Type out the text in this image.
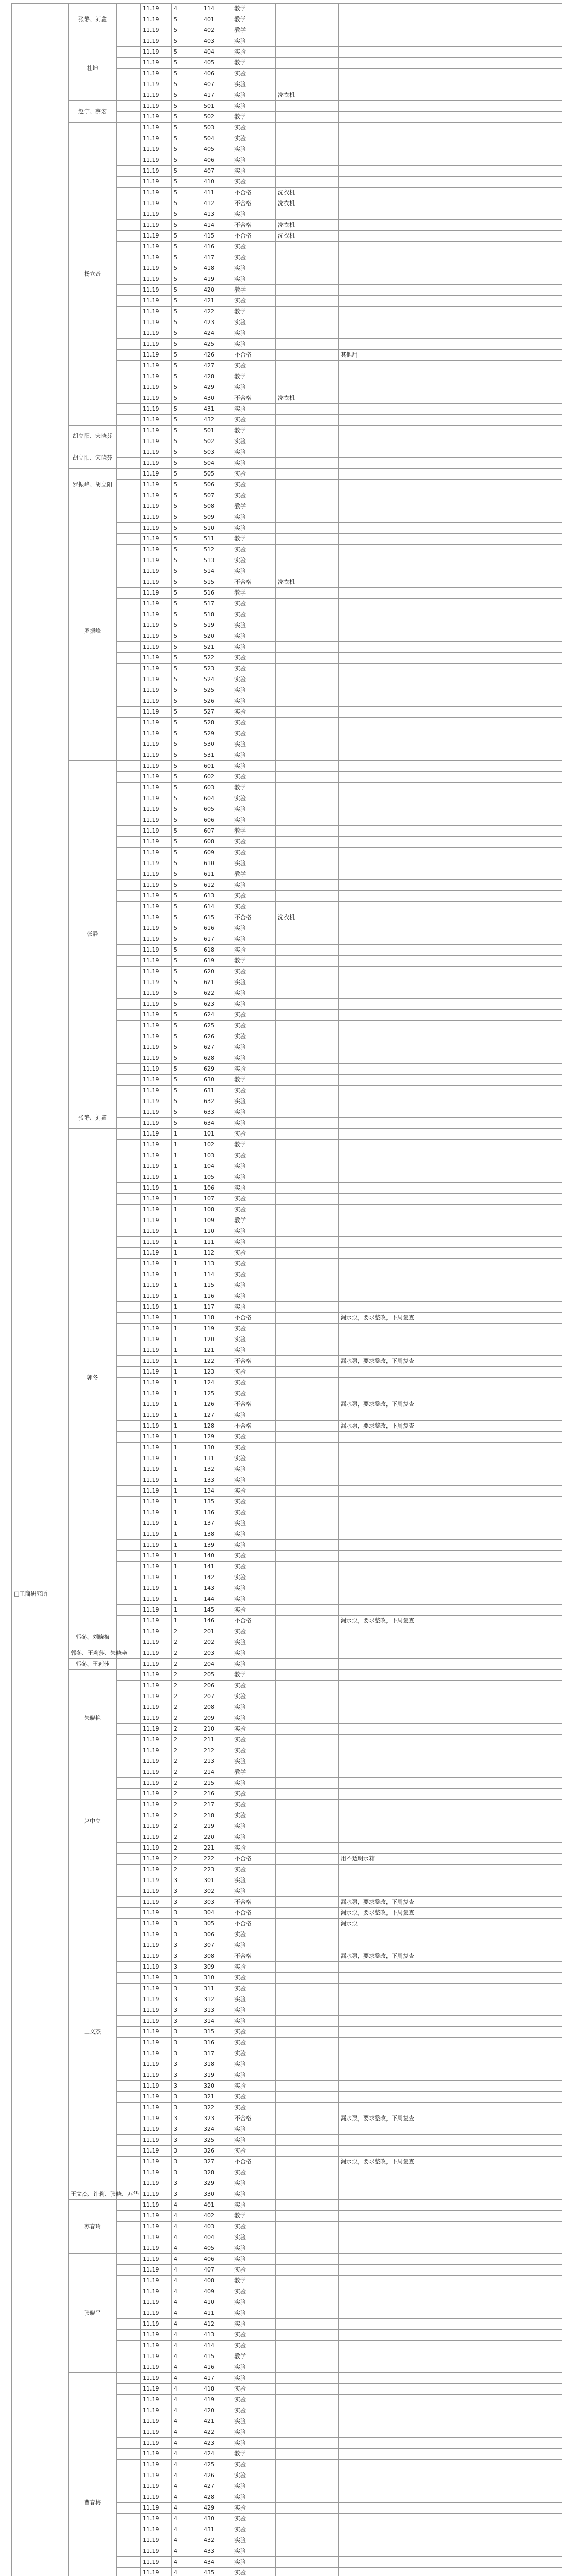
□工商研究所	张静、刘鑫		11.19	4	114	教学		
			11.19	5	401	教学		
			11.19	5	402	教学		
	杜坤		11.19	5	403	实验		
			11.19	5	404	实验		
			11.19	5	405	教学		
			11.19	5	406	实验		
			11.19	5	407	实验		
			11.19	5	417	实验	洗衣机	
	赵宁、蔡宏		11.19	5	501	实验		
			11.19	5	502	教学		
	杨立奇		11.19	5	503	实验		
			11.19	5	504	实验		
			11.19	5	405	实验		
			11.19	5	406	实验		
			11.19	5	407	实验		
			11.19	5	410	实验		
			11.19	5	411	不合格	洗衣机	
			11.19	5	412	不合格	洗衣机	
			11.19	5	413	实验		
			11.19	5	414	不合格	洗衣机	
			11.19	5	415	不合格	洗衣机	
			11.19	5	416	实验		
			11.19	5	417	实验		
			11.19	5	418	实验		
			11.19	5	419	实验		
			11.19	5	420	教学		
			11.19	5	421	实验		
			11.19	5	422	教学		
			11.19	5	423	实验		
			11.19	5	424	实验		
			11.19	5	425	实验		
			11.19	5	426	不合格		其他用
			11.19	5	427	实验		
			11.19	5	428	教学		
			11.19	5	429	实验		
			11.19	5	430	不合格	洗衣机	
			11.19	5	431	实验		
			11.19	5	432	实验		
	胡立阳、宋晓芬		11.19	5	501	教学		
			11.19	5	502	实验		
	胡立阳、宋晓芬		11.19	5	503	实验		
			11.19	5	504	实验		
	罗振峰、胡立阳		11.19	5	505	实验		
			11.19	5	506	实验		
			11.19	5	507	实验		
	罗振峰		11.19	5	508	教学		
			11.19	5	509	实验		
			11.19	5	510	实验		
			11.19	5	511	教学		
			11.19	5	512	实验		
			11.19	5	513	实验		
			11.19	5	514	实验		
			11.19	5	515	不合格	洗衣机	
			11.19	5	516	教学		
			11.19	5	517	实验		
			11.19	5	518	实验		
			11.19	5	519	实验		
			11.19	5	520	实验		
			11.19	5	521	实验		
			11.19	5	522	实验		
			11.19	5	523	实验		
			11.19	5	524	实验		
			11.19	5	525	实验		
			11.19	5	526	实验		
			11.19	5	527	实验		
			11.19	5	528	实验		
			11.19	5	529	实验		
			11.19	5	530	实验		
			11.19	5	531	实验		
	张静		11.19	5	601	实验		
			11.19	5	602	实验		
			11.19	5	603	教学		
			11.19	5	604	实验		
			11.19	5	605	实验		
			11.19	5	606	实验		
			11.19	5	607	教学		
			11.19	5	608	实验		
			11.19	5	609	实验		
			11.19	5	610	实验		
			11.19	5	611	教学		
			11.19	5	612	实验		
			11.19	5	613	实验		
			11.19	5	614	实验		
			11.19	5	615	不合格	洗衣机	
			11.19	5	616	实验		
			11.19	5	617	实验		
			11.19	5	618	实验		
			11.19	5	619	教学		
			11.19	5	620	实验		
			11.19	5	621	实验		
			11.19	5	622	实验		
			11.19	5	623	实验		
			11.19	5	624	实验		
			11.19	5	625	实验		
			11.19	5	626	实验		
			11.19	5	627	实验		
			11.19	5	628	实验		
			11.19	5	629	实验		
			11.19	5	630	教学		
			11.19	5	631	实验		
			11.19	5	632	实验		
	张静、刘鑫		11.19	5	633	实验		
			11.19	5	634	实验		
	郭冬		11.19	1	101	实验		
			11.19	1	102	教学		
			11.19	1	103	实验		
			11.19	1	104	实验		
			11.19	1	105	实验		
			11.19	1	106	实验		
			11.19	1	107	实验		
			11.19	1	108	实验		
			11.19	1	109	教学		
			11.19	1	110	实验		
			11.19	1	111	实验		
			11.19	1	112	实验		
			11.19	1	113	实验		
			11.19	1	114	实验		
			11.19	1	115	实验		
			11.19	1	116	实验		
			11.19	1	117	实验		
			11.19	1	118	不合格		漏水泵，要求整改，下周复查
			11.19	1	119	实验		
			11.19	1	120	实验		
			11.19	1	121	实验		
			11.19	1	122	不合格		漏水泵，要求整改，下周复查
			11.19	1	123	实验		
			11.19	1	124	实验		
			11.19	1	125	实验		
			11.19	1	126	不合格		漏水泵，要求整改，下周复查
			11.19	1	127	实验		
			11.19	1	128	不合格		漏水泵，要求整改，下周复查
			11.19	1	129	实验		
			11.19	1	130	实验		
			11.19	1	131	实验		
			11.19	1	132	实验		
			11.19	1	133	实验		
			11.19	1	134	实验		
			11.19	1	135	实验		
			11.19	1	136	实验		
			11.19	1	137	实验		
			11.19	1	138	实验		
			11.19	1	139	实验		
			11.19	1	140	实验		
			11.19	1	141	实验		
			11.19	1	142	实验		
			11.19	1	143	实验		
			11.19	1	144	实验		
			11.19	1	145	实验		
			11.19	1	146	不合格		漏水泵，要求整改，下周复查
	郭冬、刘晓梅		11.19	2	201	实验		
			11.19	2	202	实验		
	郭冬、王莉莎、朱晓艳		11.19	2	203	实验		
	郭冬、王莉莎		11.19	2	204	实验		
	朱晓艳		11.19	2	205	教学		
			11.19	2	206	实验		
			11.19	2	207	实验		
			11.19	2	208	实验		
			11.19	2	209	实验		
			11.19	2	210	实验		
			11.19	2	211	实验		
			11.19	2	212	实验		
			11.19	2	213	实验		
	赵中立		11.19	2	214	教学		
			11.19	2	215	实验		
			11.19	2	216	实验		
			11.19	2	217	实验		
			11.19	2	218	实验		
			11.19	2	219	实验		
			11.19	2	220	实验		
			11.19	2	221	实验		
			11.19	2	222	不合格		用不透明水箱
			11.19	2	223	实验		
	王文杰		11.19	3	301	实验		
			11.19	3	302	实验		
			11.19	3	303	不合格		漏水泵，要求整改，下周复查
			11.19	3	304	不合格		漏水泵，要求整改，下周复查
			11.19	3	305	不合格		漏水泵
			11.19	3	306	实验		
			11.19	3	307	实验		
			11.19	3	308	不合格		漏水泵，要求整改，下周复查
			11.19	3	309	实验		
			11.19	3	310	实验		
			11.19	3	311	实验		
			11.19	3	312	实验		
			11.19	3	313	实验		
			11.19	3	314	实验		
			11.19	3	315	实验		
			11.19	3	316	实验		
			11.19	3	317	实验		
			11.19	3	318	实验		
			11.19	3	319	实验		
			11.19	3	320	实验		
			11.19	3	321	实验		
			11.19	3	322	实验		
			11.19	3	323	不合格		漏水泵，要求整改，下周复查
			11.19	3	324	实验		
			11.19	3	325	实验		
			11.19	3	326	实验		
			11.19	3	327	不合格		漏水泵，要求整改，下周复查
			11.19	3	328	实验		
			11.19	3	329	实验		
	王文杰、许莉、张晓、苏华		11.19	3	330	实验		
	苏春玲		11.19	4	401	实验		
			11.19	4	402	教学		
			11.19	4	403	实验		
			11.19	4	404	实验		
			11.19	4	405	实验		
	张晓平		11.19	4	406	实验		
			11.19	4	407	实验		
			11.19	4	408	教学		
			11.19	4	409	实验		
			11.19	4	410	实验		
			11.19	4	411	实验		
			11.19	4	412	实验		
			11.19	4	413	实验		
			11.19	4	414	实验		
			11.19	4	415	教学		
			11.19	4	416	实验		
	曹春梅		11.19	4	417	实验		
			11.19	4	418	实验		
			11.19	4	419	实验		
			11.19	4	420	实验		
			11.19	4	421	实验		
			11.19	4	422	实验		
			11.19	4	423	实验		
			11.19	4	424	教学		
			11.19	4	425	实验		
			11.19	4	426	实验		
			11.19	4	427	实验		
			11.19	4	428	实验		
			11.19	4	429	实验		
			11.19	4	430	实验		
			11.19	4	431	实验		
			11.19	4	432	实验		
			11.19	4	433	实验		
			11.19	4	434	实验		
			11.19	4	435	实验		
